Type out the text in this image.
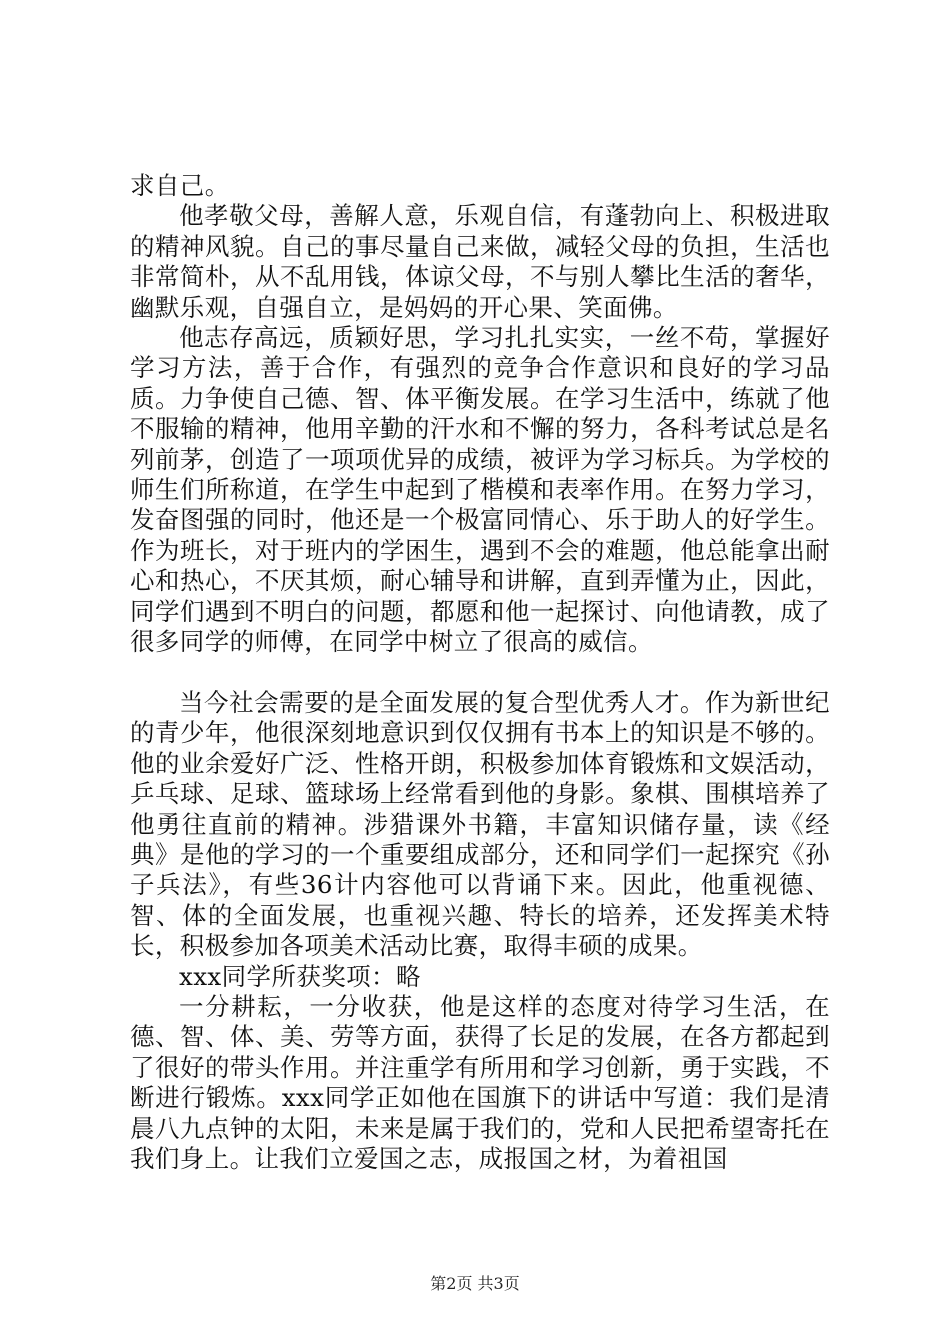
求自己。

他孝敬父母，善解人意，乐观自信，有蓬勃向上、积极进取的精神风貌。自己的事尽量自己来做，减轻父母的负担，生活也非常简朴，从不乱用钱，体谅父母，不与别人攀比生活的奢华，幽默乐观，自强自立，是妈妈的开心果、笑面佛。

他志存高远，质颖好思，学习扎扎实实，一丝不苟，掌握好学习方法，善于合作，有强烈的竞争合作意识和良好的学习品质。力争使自己德、智、体平衡发展。在学习生活中，练就了他不服输的精神，他用辛勤的汗水和不懈的努力，各科考试总是名列前茅，创造了一项项优异的成绩，被评为学习标兵。为学校的师生们所称道，在学生中起到了楷模和表率作用。在努力学习，发奋图强的同时，他还是一个极富同情心、乐于助人的好学生。作为班长，对于班内的学困生，遇到不会的难题，他总能拿出耐心和热心，不厌其烦，耐心辅导和讲解，直到弄懂为止，因此，同学们遇到不明白的问题，都愿和他一起探讨、向他请教，成了很多同学的师傅，在同学中树立了很高的威信。

当今社会需要的是全面发展的复合型优秀人才。作为新世纪的青少年，他很深刻地意识到仅仅拥有书本上的知识是不够的。他的业余爱好广泛、性格开朗，积极参加体育锻炼和文娱活动，乒乓球、足球、篮球场上经常看到他的身影。象棋、围棋培养了他勇往直前的精神。涉猎课外书籍，丰富知识储存量，读《经典》是他的学习的一个重要组成部分，还和同学们一起探究《孙子兵法》，有些36计内容他可以背诵下来。因此，他重视德、智、体的全面发展，也重视兴趣、特长的培养，还发挥美术特长，积极参加各项美术活动比赛，取得丰硕的成果。

xxx同学所获奖项：略

一分耕耘，一分收获，他是这样的态度对待学习生活，在德、智、体、美、劳等方面，获得了长足的发展，在各方都起到了很好的带头作用。并注重学有所用和学习创新，勇于实践，不断进行锻炼。xxx同学正如他在国旗下的讲话中写道：我们是清晨八九点钟的太阳，未来是属于我们的，党和人民把希望寄托在我们身上。让我们立爱国之志，成报国之材，为着祖国

第2页 共3页
